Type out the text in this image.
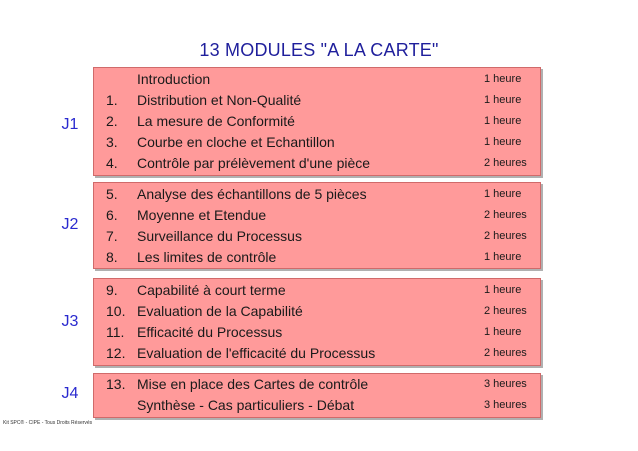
13 MODULES "A LA CARTE"
J1
Introduction	1 heure
1. Distribution et Non-Qualité	1 heure
2. La mesure de Conformité	1 heure
3. Courbe en cloche et Echantillon	1 heure
4. Contrôle par prélèvement d'une pièce	2 heures
J2
5. Analyse des échantillons de 5 pièces	1 heure
6. Moyenne et Etendue	2 heures
7. Surveillance du Processus	2 heures
8. Les limites de contrôle	1 heure
J3
9. Capabilité à court terme	1 heure
10. Evaluation de la Capabilité	2 heures
11. Efficacité du Processus	1 heure
12. Evaluation de l'efficacité du Processus	2 heures
J4
13. Mise en place des Cartes de contrôle	3 heures
Synthèse - Cas particuliers - Débat	3 heures
Kit SPC® - CIPE - Tous Droits Réservés
